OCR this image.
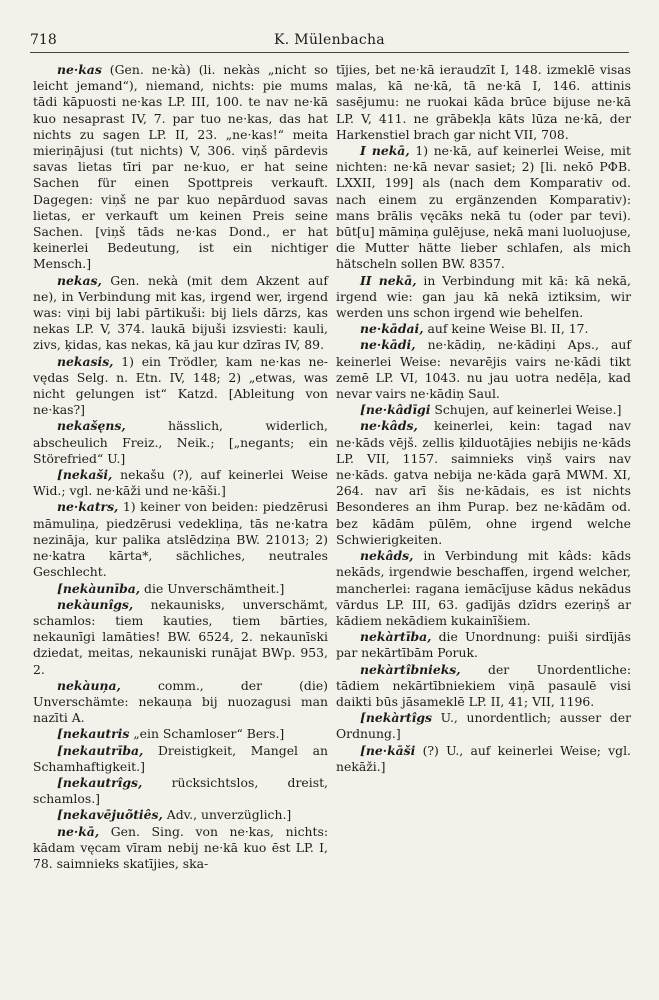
718	K. Mülenbacha

ne·kas (Gen. ne·kà) (li. nekàs „nicht so leicht jemand“), niemand, nichts: pie mums tādi kāpuosti ne·kas LP. III, 100. te nav ne·kā kuo nesaprast IV, 7. par tuo ne·kas, das hat nichts zu sagen LP. II, 23. „ne·kas!“ meita mieriņājusi (tut nichts) V, 306. viņš pārdevis savas lietas tīri par ne·kuo, er hat seine Sachen für einen Spottpreis verkauft. Dagegen: viņš ne par kuo nepārduod savas lietas, er verkauft um keinen Preis seine Sachen. [viņš tāds ne·kas Dond., er hat keinerlei Bedeutung, ist ein nichtiger Mensch.]

nekas, Gen. nekà (mit dem Akzent auf ne), in Verbindung mit kas, irgend wer, irgend was: viņi bij labi pārtikuši: bij liels dārzs, kas nekas LP. V, 374. laukā bijuši izsviesti: kauli, zivs, ķidas, kas nekas, kā jau kur dzīras IV, 89.

nekasis, 1) ein Trödler, kam ne·kas ne-vędas Selg. n. Etn. IV, 148; 2) „etwas, was nicht gelungen ist“ Katzd. [Ableitung von ne·kas?]

nekašęns, hässlich, widerlich, abscheulich Freiz., Neik.; [„negants; ein Störefried“ U.]

[nekaši, nekašu (?), auf keinerlei Weise Wid.; vgl. ne·kāži und ne·kāši.]

ne·katrs, 1) keiner von beiden: piedzērusi māmuliņa, piedzērusi vedekliņa, tās ne·katra nezināja, kur palika atslēdziņa BW. 21013; 2) ne·katra kārta*, sächliches, neutrales Geschlecht.

[nekàunība, die Unverschämtheit.]

nekàunîgs, nekaunisks, unverschämt, schamlos: tiem kauties, tiem bārties, nekaunīgi lamāties! BW. 6524, 2. nekaunīski dziedat, meitas, nekauniski runājat BWp. 953, 2.

nekàuņa, comm., der (die) Unverschämte: nekauņa bij nuozagusi man nazīti A.

[nekautris „ein Schamloser“ Bers.]

[nekautrība, Dreistigkeit, Mangel an Schamhaftigkeit.]

[nekautrîgs, rücksichtslos, dreist, schamlos.]

[nekavējuõtiês, Adv., unverzüglich.]

ne·kā, Gen. Sing. von ne·kas, nichts: kādam vęcam vīram nebij ne·kā kuo ēst LP. I, 78. saimnieks skatījies, ska-

tījies, bet ne·kā ieraudzīt I, 148. izmeklē visas malas, kā ne·kā, tā ne·kā I, 146. attinis sasējumu: ne ruokai kāda brūce bijuse ne·kā LP. V, 411. ne grābekļa kāts lūza ne·kā, der Harkenstiel brach gar nicht VII, 708.

I nekā, 1) ne·kā, auf keinerlei Weise, mit nichten: ne·kā nevar sasiet; 2) [li. nekō PФB. LXXII, 199] als (nach dem Komparativ od. nach einem zu ergänzenden Komparativ): mans brālis vęcāks nekā tu (oder par tevi). būt[u] māmiņa gulējuse, nekā mani luoluojuse, die Mutter hätte lieber schlafen, als mich hätscheln sollen BW. 8357.

II nekā, in Verbindung mit kā: kā nekā, irgend wie: gan jau kā nekā iztiksim, wir werden uns schon irgend wie behelfen.

ne·kādai, auf keine Weise Bl. II, 17.

ne·kādi, ne·kādiņ, ne·kādiņi Aps., auf keinerlei Weise: nevarējis vairs ne·kādi tikt zemē LP. VI, 1043. nu jau uotra nedēļa, kad nevar vairs ne·kādiņ Saul.

[ne·kâdīgi Schujen, auf keinerlei Weise.]

ne·kâds, keinerlei, kein: tagad nav ne·kāds vējš. zellis ķilduotājies nebijis ne·kāds LP. VII, 1157. saimnieks viņš vairs nav ne·kāds. gatva nebija ne·kāda gaŗā MWM. XI, 264. nav arī šis ne·kādais, es ist nichts Besonderes an ihm Purap. bez ne·kādām od. bez kādām pūlēm, ohne irgend welche Schwierigkeiten.

nekâds, in Verbindung mit kâds: kāds nekāds, irgendwie beschaffen, irgend welcher, mancherlei: ragana iemācījuse kādus nekādus vārdus LP. III, 63. gadījās dzīdrs ezeriņš ar kādiem nekādiem kukainīšiem.

nekàrtība, die Unordnung: puiši sirdījās par nekārtībām Poruk.

nekàrtîbnieks, der Unordentliche: tādiem nekārtībniekiem viņā pasaulē visi daikti būs jāsameklē LP. II, 41; VII, 1196.

[nekàrtîgs U., unordentlich; ausser der Ordnung.]

[ne·kāši (?) U., auf keinerlei Weise; vgl. nekāži.]
